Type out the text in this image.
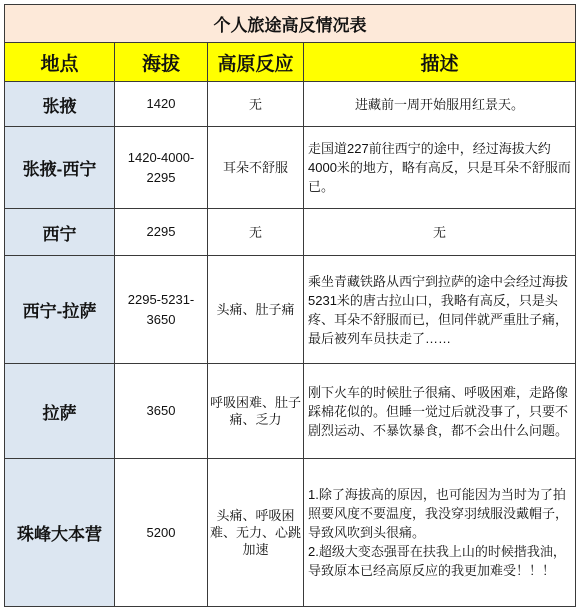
个人旅途高反情况表			
地点	海拔	高原反应	描述
张掖	1420	无	进藏前一周开始服用红景天。
张掖-西宁	1420-4000-2295	耳朵不舒服	走国道227前往西宁的途中，经过海拔大约4000米的地方，略有高反，只是耳朵不舒服而已。
西宁	2295	无	无
西宁-拉萨	2295-5231-3650	头痛、肚子痛	乘坐青藏铁路从西宁到拉萨的途中会经过海拔5231米的唐古拉山口，我略有高反，只是头疼、耳朵不舒服而已，但同伴就严重肚子痛，最后被列车员扶走了……
拉萨	3650	呼吸困难、肚子痛、乏力	刚下火车的时候肚子很痛、呼吸困难，走路像踩棉花似的。但睡一觉过后就没事了，只要不剧烈运动、不暴饮暴食，都不会出什么问题。
珠峰大本营	5200	头痛、呼吸困难、无力、心跳加速	1.除了海拔高的原因，也可能因为当时为了拍照要风度不要温度，我没穿羽绒服没戴帽子，导致风吹到头很痛。
2.超级大变态强哥在扶我上山的时候揩我油，导致原本已经高原反应的我更加难受！！！
